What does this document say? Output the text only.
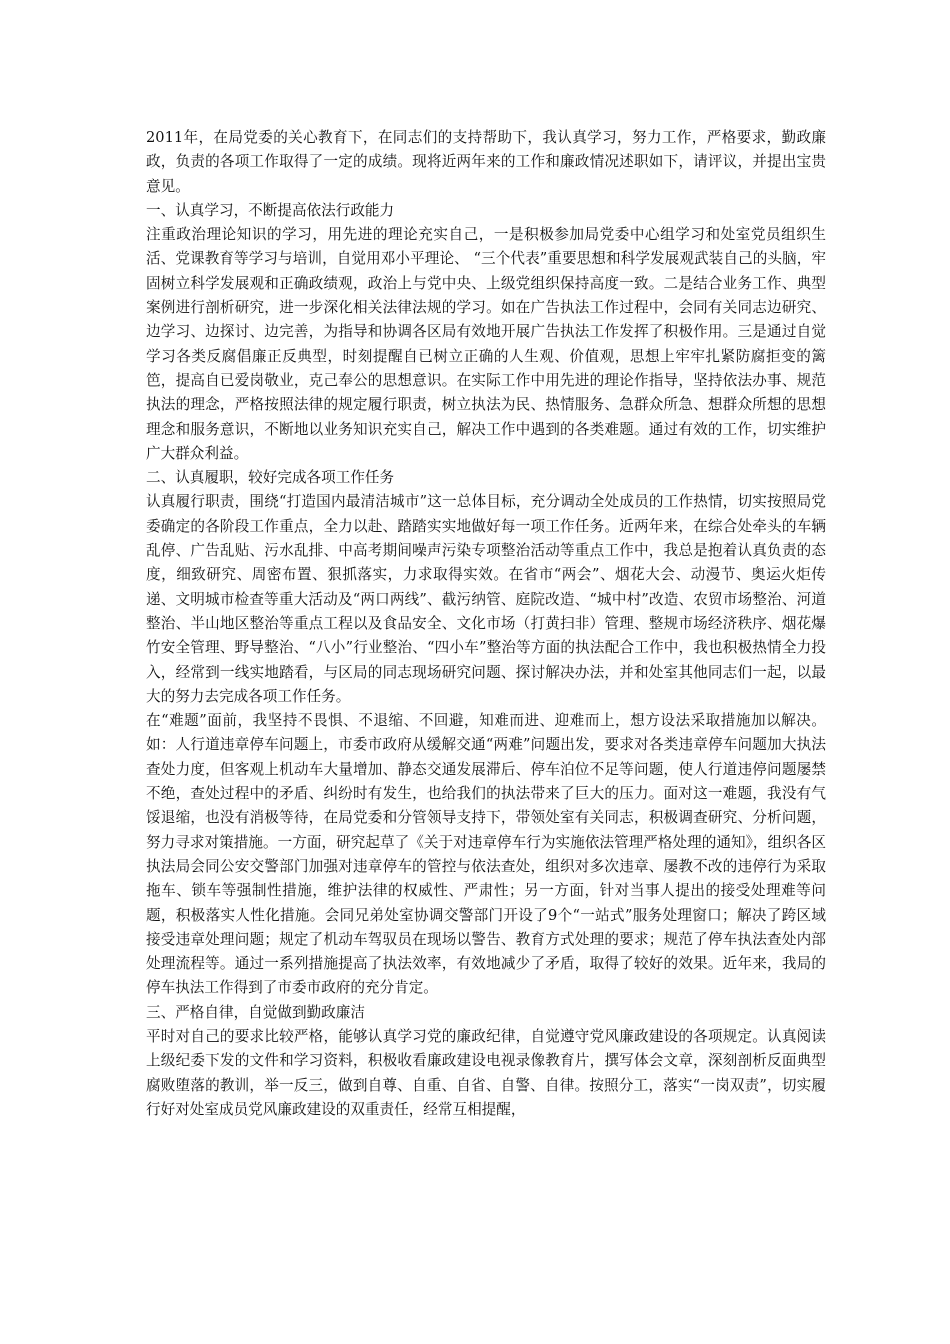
2011年，在局党委的关心教育下，在同志们的支持帮助下，我认真学习，努力工作，严格要求，勤政廉政，负责的各项工作取得了一定的成绩。现将近两年来的工作和廉政情况述职如下，请评议，并提出宝贵意见。

一、认真学习，不断提高依法行政能力

注重政治理论知识的学习，用先进的理论充实自己，一是积极参加局党委中心组学习和处室党员组织生活、党课教育等学习与培训，自觉用邓小平理论、 “三个代表”重要思想和科学发展观武装自己的头脑，牢固树立科学发展观和正确政绩观，政治上与党中央、上级党组织保持高度一致。二是结合业务工作、典型案例进行剖析研究，进一步深化相关法律法规的学习。如在广告执法工作过程中，会同有关同志边研究、边学习、边探讨、边完善，为指导和协调各区局有效地开展广告执法工作发挥了积极作用。三是通过自觉学习各类反腐倡廉正反典型，时刻提醒自已树立正确的人生观、价值观，思想上牢牢扎紧防腐拒变的篱笆，提高自已爱岗敬业，克己奉公的思想意识。在实际工作中用先进的理论作指导，坚持依法办事、规范执法的理念，严格按照法律的规定履行职责，树立执法为民、热情服务、急群众所急、想群众所想的思想理念和服务意识，不断地以业务知识充实自己，解决工作中遇到的各类难题。通过有效的工作，切实维护广大群众利益。

二、认真履职，较好完成各项工作任务

认真履行职责，围绕“打造国内最清洁城市”这一总体目标，充分调动全处成员的工作热情，切实按照局党委确定的各阶段工作重点，全力以赴、踏踏实实地做好每一项工作任务。近两年来，在综合处牵头的车辆乱停、广告乱贴、污水乱排、中高考期间噪声污染专项整治活动等重点工作中，我总是抱着认真负责的态度，细致研究、周密布置、狠抓落实，力求取得实效。在省市“两会”、烟花大会、动漫节、奥运火炬传递、文明城市检查等重大活动及“两口两线”、截污纳管、庭院改造、“城中村”改造、农贸市场整治、河道整治、半山地区整治等重点工程以及食品安全、文化市场（打黄扫非）管理、整规市场经济秩序、烟花爆竹安全管理、野导整治、“八小”行业整治、“四小车”整治等方面的执法配合工作中，我也积极热情全力投入，经常到一线实地踏看，与区局的同志现场研究问题、探讨解决办法，并和处室其他同志们一起，以最大的努力去完成各项工作任务。

在“难题”面前，我坚持不畏惧、不退缩、不回避，知难而进、迎难而上，想方设法采取措施加以解决。如：人行道违章停车问题上，市委市政府从缓解交通“两难”问题出发，要求对各类违章停车问题加大执法查处力度，但客观上机动车大量增加、静态交通发展滞后、停车泊位不足等问题，使人行道违停问题屡禁不绝，查处过程中的矛盾、纠纷时有发生，也给我们的执法带来了巨大的压力。面对这一难题，我没有气馁退缩，也没有消极等待，在局党委和分管领导支持下，带领处室有关同志，积极调查研究、分析问题，努力寻求对策措施。一方面，研究起草了《关于对违章停车行为实施依法管理严格处理的通知》，组织各区执法局会同公安交警部门加强对违章停车的管控与依法查处，组织对多次违章、屡教不改的违停行为采取拖车、锁车等强制性措施，维护法律的权威性、严肃性；另一方面，针对当事人提出的接受处理难等问题，积极落实人性化措施。会同兄弟处室协调交警部门开设了9个“一站式”服务处理窗口；解决了跨区域接受违章处理问题；规定了机动车驾驭员在现场以警告、教育方式处理的要求；规范了停车执法查处内部处理流程等。通过一系列措施提高了执法效率，有效地减少了矛盾，取得了较好的效果。近年来，我局的停车执法工作得到了市委市政府的充分肯定。

三、严格自律，自觉做到勤政廉洁

平时对自己的要求比较严格，能够认真学习党的廉政纪律，自觉遵守党风廉政建设的各项规定。认真阅读上级纪委下发的文件和学习资料，积极收看廉政建设电视录像教育片，撰写体会文章，深刻剖析反面典型腐败堕落的教训，举一反三，做到自尊、自重、自省、自警、自律。按照分工，落实“一岗双责”，切实履行好对处室成员党风廉政建设的双重责任，经常互相提醒，
